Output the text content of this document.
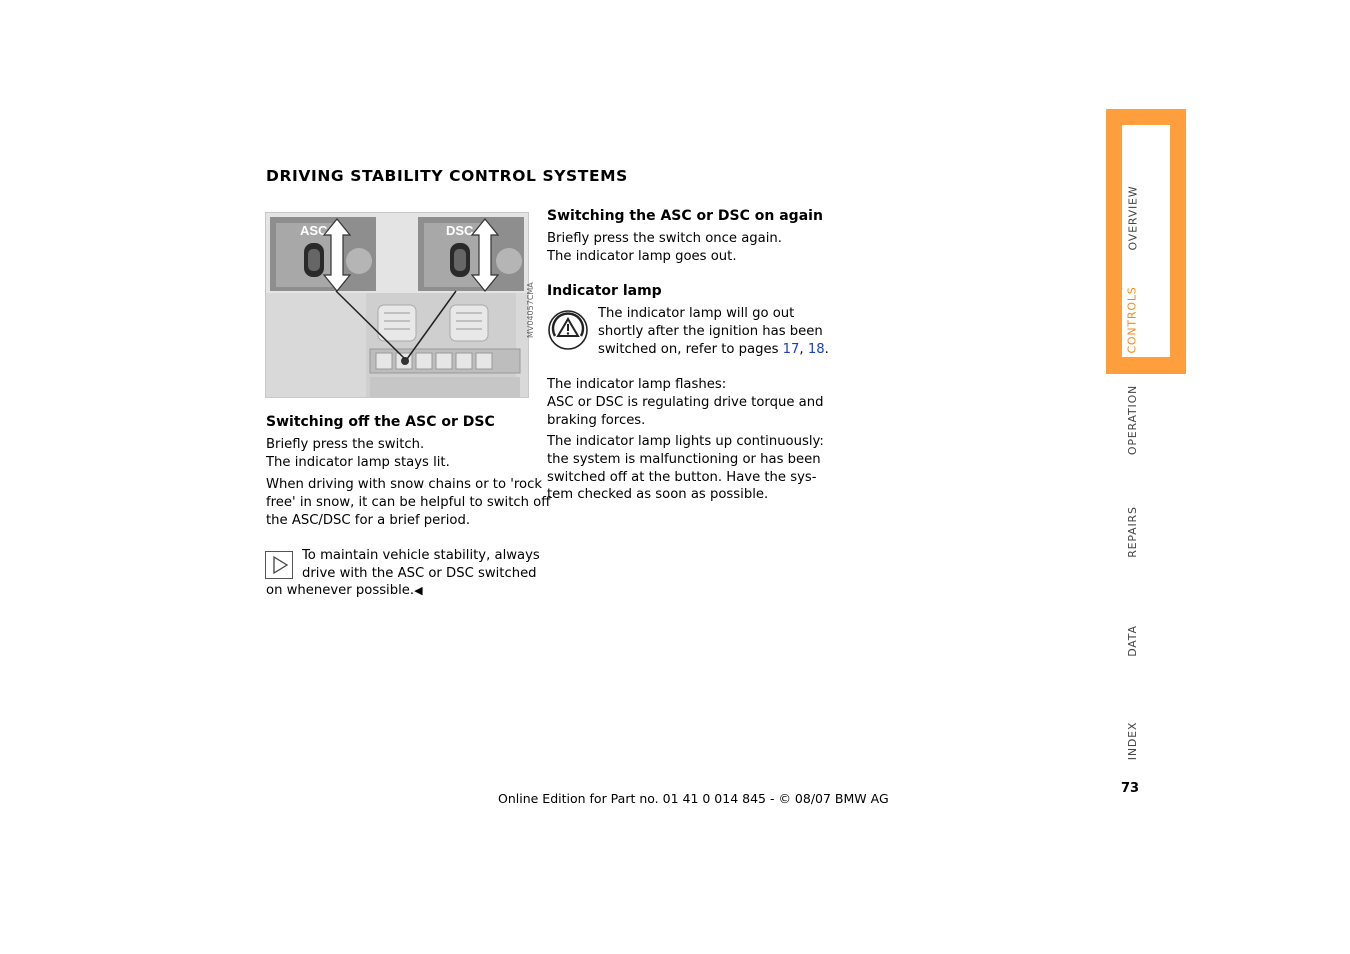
DRIVING STABILITY CONTROL SYSTEMS
ASC	DSC
MV04057CMA
Switching off the ASC or DSC
Briefly press the switch.
The indicator lamp stays lit.
When driving with snow chains or to 'rock
free' in snow, it can be helpful to switch off
the ASC/DSC for a brief period.
To maintain vehicle stability, always
drive with the ASC or DSC switched
on whenever possible.◀
Switching the ASC or DSC on again
Briefly press the switch once again.
The indicator lamp goes out.
Indicator lamp
The indicator lamp will go out
shortly after the ignition has been
switched on, refer to pages 17, 18.
The indicator lamp flashes:
ASC or DSC is regulating drive torque and
braking forces.
The indicator lamp lights up continuously:
the system is malfunctioning or has been
switched off at the button. Have the sys-
tem checked as soon as possible.
OVERVIEW
CONTROLS
OPERATION
REPAIRS
DATA
INDEX
73
Online Edition for Part no. 01 41 0 014 845 - © 08/07 BMW AG
